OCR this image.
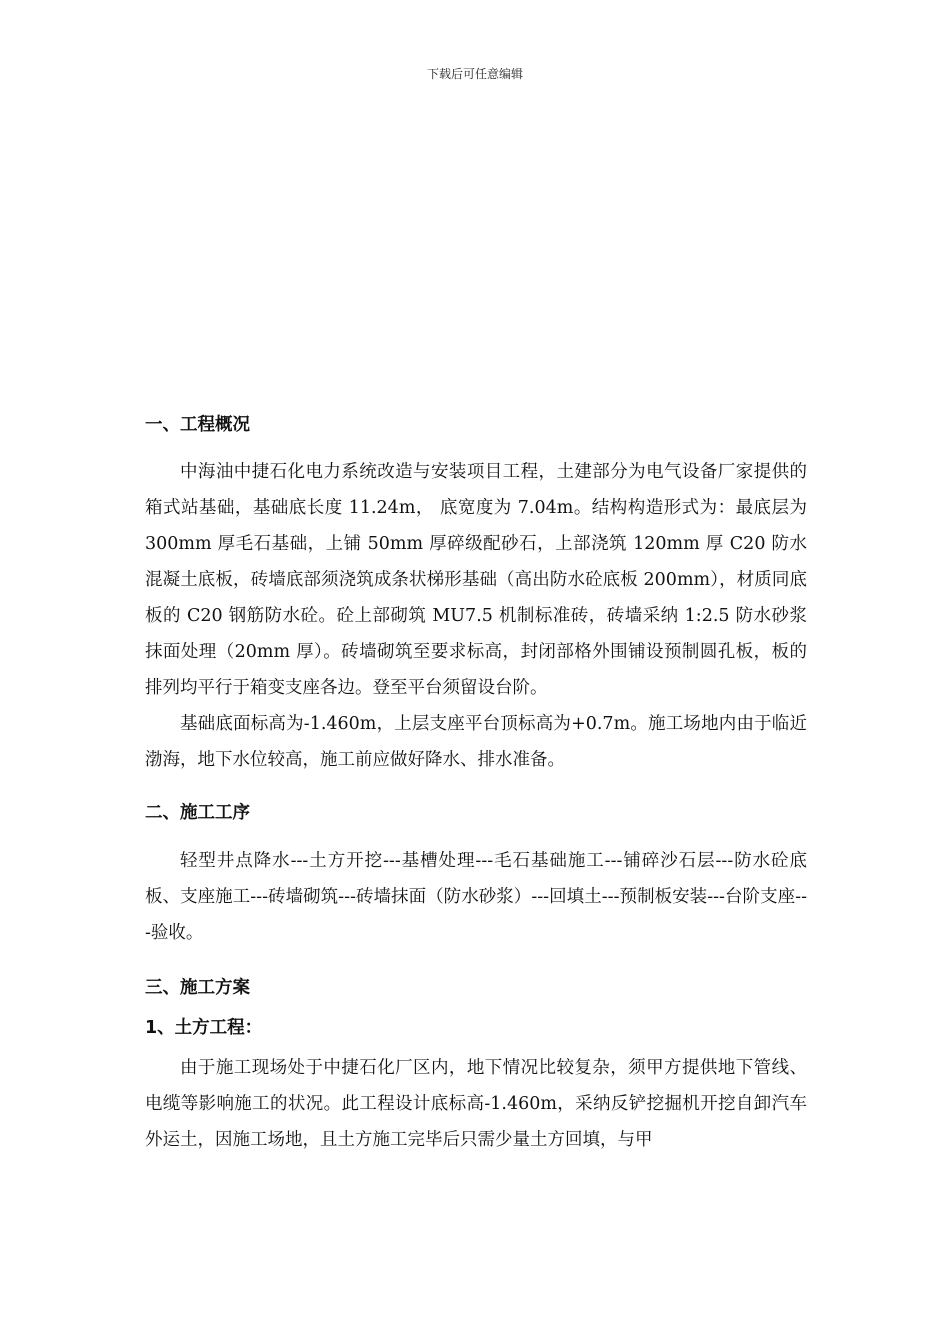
下载后可任意编辑
一、工程概况

中海油中捷石化电力系统改造与安装项目工程，土建部分为电气设备厂家提供的箱式站基础，基础底长度 11.24m， 底宽度为 7.04m。结构构造形式为：最底层为 300mm 厚毛石基础，上铺 50mm 厚碎级配砂石，上部浇筑 120mm 厚 C20 防水混凝土底板，砖墙底部须浇筑成条状梯形基础（高出防水砼底板 200mm），材质同底板的 C20 钢筋防水砼。砼上部砌筑 MU7.5 机制标准砖，砖墙采纳 1:2.5 防水砂浆抹面处理（20mm 厚）。砖墙砌筑至要求标高，封闭部格外围铺设预制圆孔板，板的排列均平行于箱变支座各边。登至平台须留设台阶。

基础底面标高为-1.460m，上层支座平台顶标高为+0.7m。施工场地内由于临近渤海，地下水位较高，施工前应做好降水、排水准备。

二、施工工序

轻型井点降水---土方开挖---基槽处理---毛石基础施工---铺碎沙石层---防水砼底板、支座施工---砖墙砌筑---砖墙抹面（防水砂浆）---回填土---预制板安装---台阶支座---验收。

三、施工方案
1、土方工程：

由于施工现场处于中捷石化厂区内，地下情况比较复杂，须甲方提供地下管线、电缆等影响施工的状况。此工程设计底标高-1.460m，采纳反铲挖掘机开挖自卸汽车外运土，因施工场地，且土方施工完毕后只需少量土方回填，与甲
